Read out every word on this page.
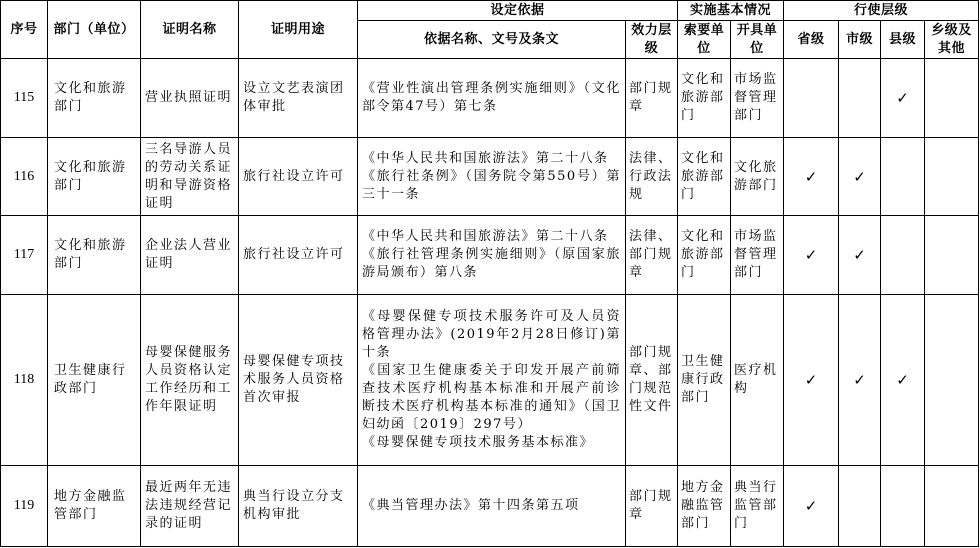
序号	部门（单位）	证明名称	证明用途	设定依据		实施基本情况		行使层级			
				依据名称、文号及条文	效力层级	索要单位	开具单位	省级	市级	县级	乡级及其他
115	文化和旅游部门	营业执照证明	设立文艺表演团体审批	《营业性演出管理条例实施细则》（文化部令第47号）第七条	部门规章	文化和旅游部门	市场监督管理部门			✓	
116	文化和旅游部门	三名导游人员的劳动关系证明和导游资格证明	旅行社设立许可	《中华人民共和国旅游法》第二十八条
《旅行社条例》（国务院令第550号）第三十一条	法律、行政法规	文化和旅游部门	文化旅游部门	✓	✓		
117	文化和旅游部门	企业法人营业证明	旅行社设立许可	《中华人民共和国旅游法》第二十八条
《旅行社管理条例实施细则》（原国家旅游局颁布）第八条	法律、部门规章	文化和旅游部门	市场监督管理部门	✓	✓		
118	卫生健康行政部门	母婴保健服务人员资格认定工作经历和工作年限证明	母婴保健专项技术服务人员资格首次审报	《母婴保健专项技术服务许可及人员资格管理办法》(2019年2月28日修订)第十条
《国家卫生健康委关于印发开展产前筛查技术医疗机构基本标准和开展产前诊断技术医疗机构基本标准的通知》（国卫妇幼函〔2019〕297号）
《母婴保健专项技术服务基本标准》	部门规章、部门规范性文件	卫生健康行政部门	医疗机构	✓	✓	✓	
119	地方金融监管部门	最近两年无违法违规经营记录的证明	典当行设立分支机构审批	《典当管理办法》第十四条第五项	部门规章	地方金融监管部门	典当行监管部门	✓			
